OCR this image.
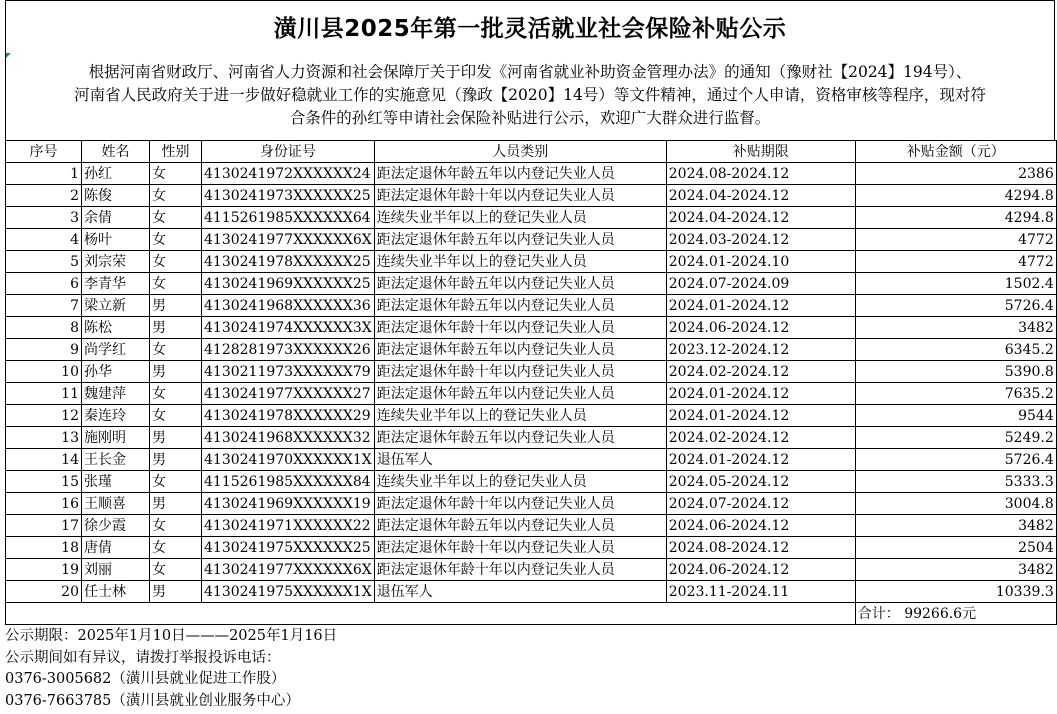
潢川县2025年第一批灵活就业社会保险补贴公示
根据河南省财政厅、河南省人力资源和社会保障厅关于印发《河南省就业补助资金管理办法》的通知（豫财社【2024】194号）、
河南省人民政府关于进一步做好稳就业工作的实施意见（豫政【2020】14号）等文件精神，通过个人申请，资格审核等程序，现对符
合条件的孙红等申请社会保险补贴进行公示，欢迎广大群众进行监督。
序号	姓名	性别	身份证号	人员类别	补贴期限	补贴金额（元）
1	孙红	女	4130241972XXXXXX24	距法定退休年龄五年以内登记失业人员	2024.08-2024.12	2386
2	陈俊	女	4130241973XXXXXX25	距法定退休年龄十年以内登记失业人员	2024.04-2024.12	4294.8
3	余倩	女	4115261985XXXXXX64	连续失业半年以上的登记失业人员	2024.04-2024.12	4294.8
4	杨叶	女	4130241977XXXXXX6X	距法定退休年龄五年以内登记失业人员	2024.03-2024.12	4772
5	刘宗荣	女	4130241978XXXXXX25	连续失业半年以上的登记失业人员	2024.01-2024.10	4772
6	李青华	女	4130241969XXXXXX25	距法定退休年龄五年以内登记失业人员	2024.07-2024.09	1502.4
7	梁立新	男	4130241968XXXXXX36	距法定退休年龄五年以内登记失业人员	2024.01-2024.12	5726.4
8	陈松	男	4130241974XXXXXX3X	距法定退休年龄十年以内登记失业人员	2024.06-2024.12	3482
9	尚学红	女	4128281973XXXXXX26	距法定退休年龄五年以内登记失业人员	2023.12-2024.12	6345.2
10	孙华	男	4130211973XXXXXX79	距法定退休年龄十年以内登记失业人员	2024.02-2024.12	5390.8
11	魏建萍	女	4130241977XXXXXX27	距法定退休年龄五年以内登记失业人员	2024.01-2024.12	7635.2
12	秦连玲	女	4130241978XXXXXX29	连续失业半年以上的登记失业人员	2024.01-2024.12	9544
13	施刚明	男	4130241968XXXXXX32	距法定退休年龄五年以内登记失业人员	2024.02-2024.12	5249.2
14	王长金	男	4130241970XXXXXX1X	退伍军人	2024.01-2024.12	5726.4
15	张瑾	女	4115261985XXXXXX84	连续失业半年以上的登记失业人员	2024.05-2024.12	5333.3
16	王顺喜	男	4130241969XXXXXX19	距法定退休年龄十年以内登记失业人员	2024.07-2024.12	3004.8
17	徐少霞	女	4130241971XXXXXX22	距法定退休年龄五年以内登记失业人员	2024.06-2024.12	3482
18	唐倩	女	4130241975XXXXXX25	距法定退休年龄十年以内登记失业人员	2024.08-2024.12	2504
19	刘丽	女	4130241977XXXXXX6X	距法定退休年龄十年以内登记失业人员	2024.06-2024.12	3482
20	任士林	男	4130241975XXXXXX1X	退伍军人	2023.11-2024.11	10339.3
						合计： 99266.6元
公示期限：2025年1月10日———2025年1月16日
公示期间如有异议，请拨打举报投诉电话：
0376-3005682（潢川县就业促进工作股）
0376-7663785（潢川县就业创业服务中心）
